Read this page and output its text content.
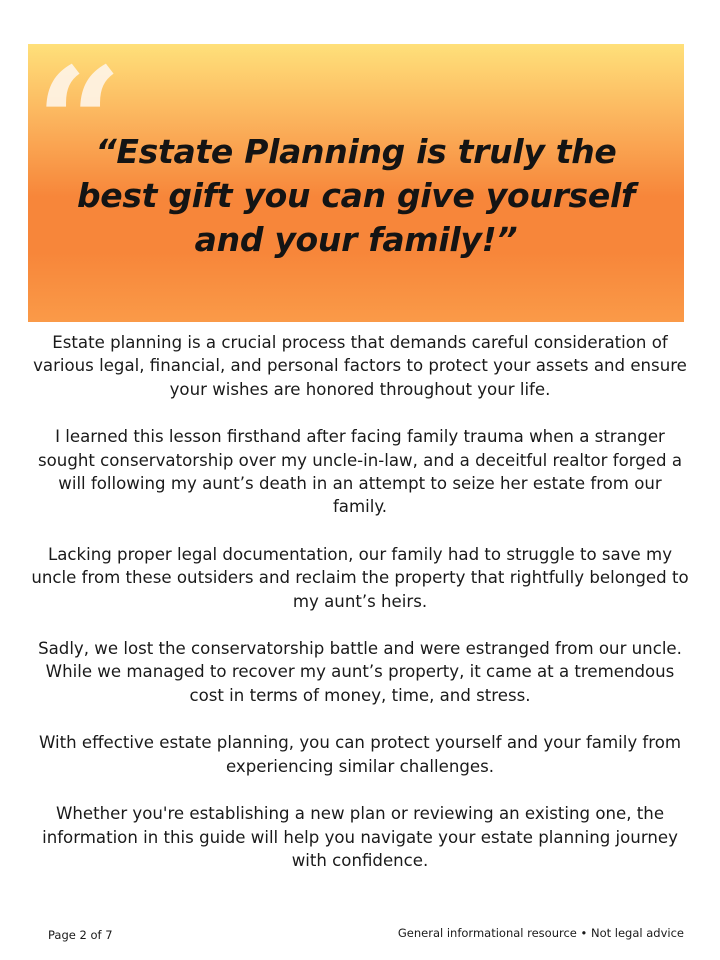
“
“Estate Planning is truly the best gift you can give yourself and your family!”

Estate planning is a crucial process that demands careful consideration of various legal, financial, and personal factors to protect your assets and ensure your wishes are honored throughout your life.

I learned this lesson firsthand after facing family trauma when a stranger sought conservatorship over my uncle-in-law, and a deceitful realtor forged a will following my aunt’s death in an attempt to seize her estate from our family.

Lacking proper legal documentation, our family had to struggle to save my uncle from these outsiders and reclaim the property that rightfully belonged to my aunt’s heirs.

Sadly, we lost the conservatorship battle and were estranged from our uncle. While we managed to recover my aunt’s property, it came at a tremendous cost in terms of money, time, and stress.

With effective estate planning, you can protect yourself and your family from experiencing similar challenges.

Whether you're establishing a new plan or reviewing an existing one, the information in this guide will help you navigate your estate planning journey with confidence.

Page 2 of 7	General informational resource • Not legal advice
